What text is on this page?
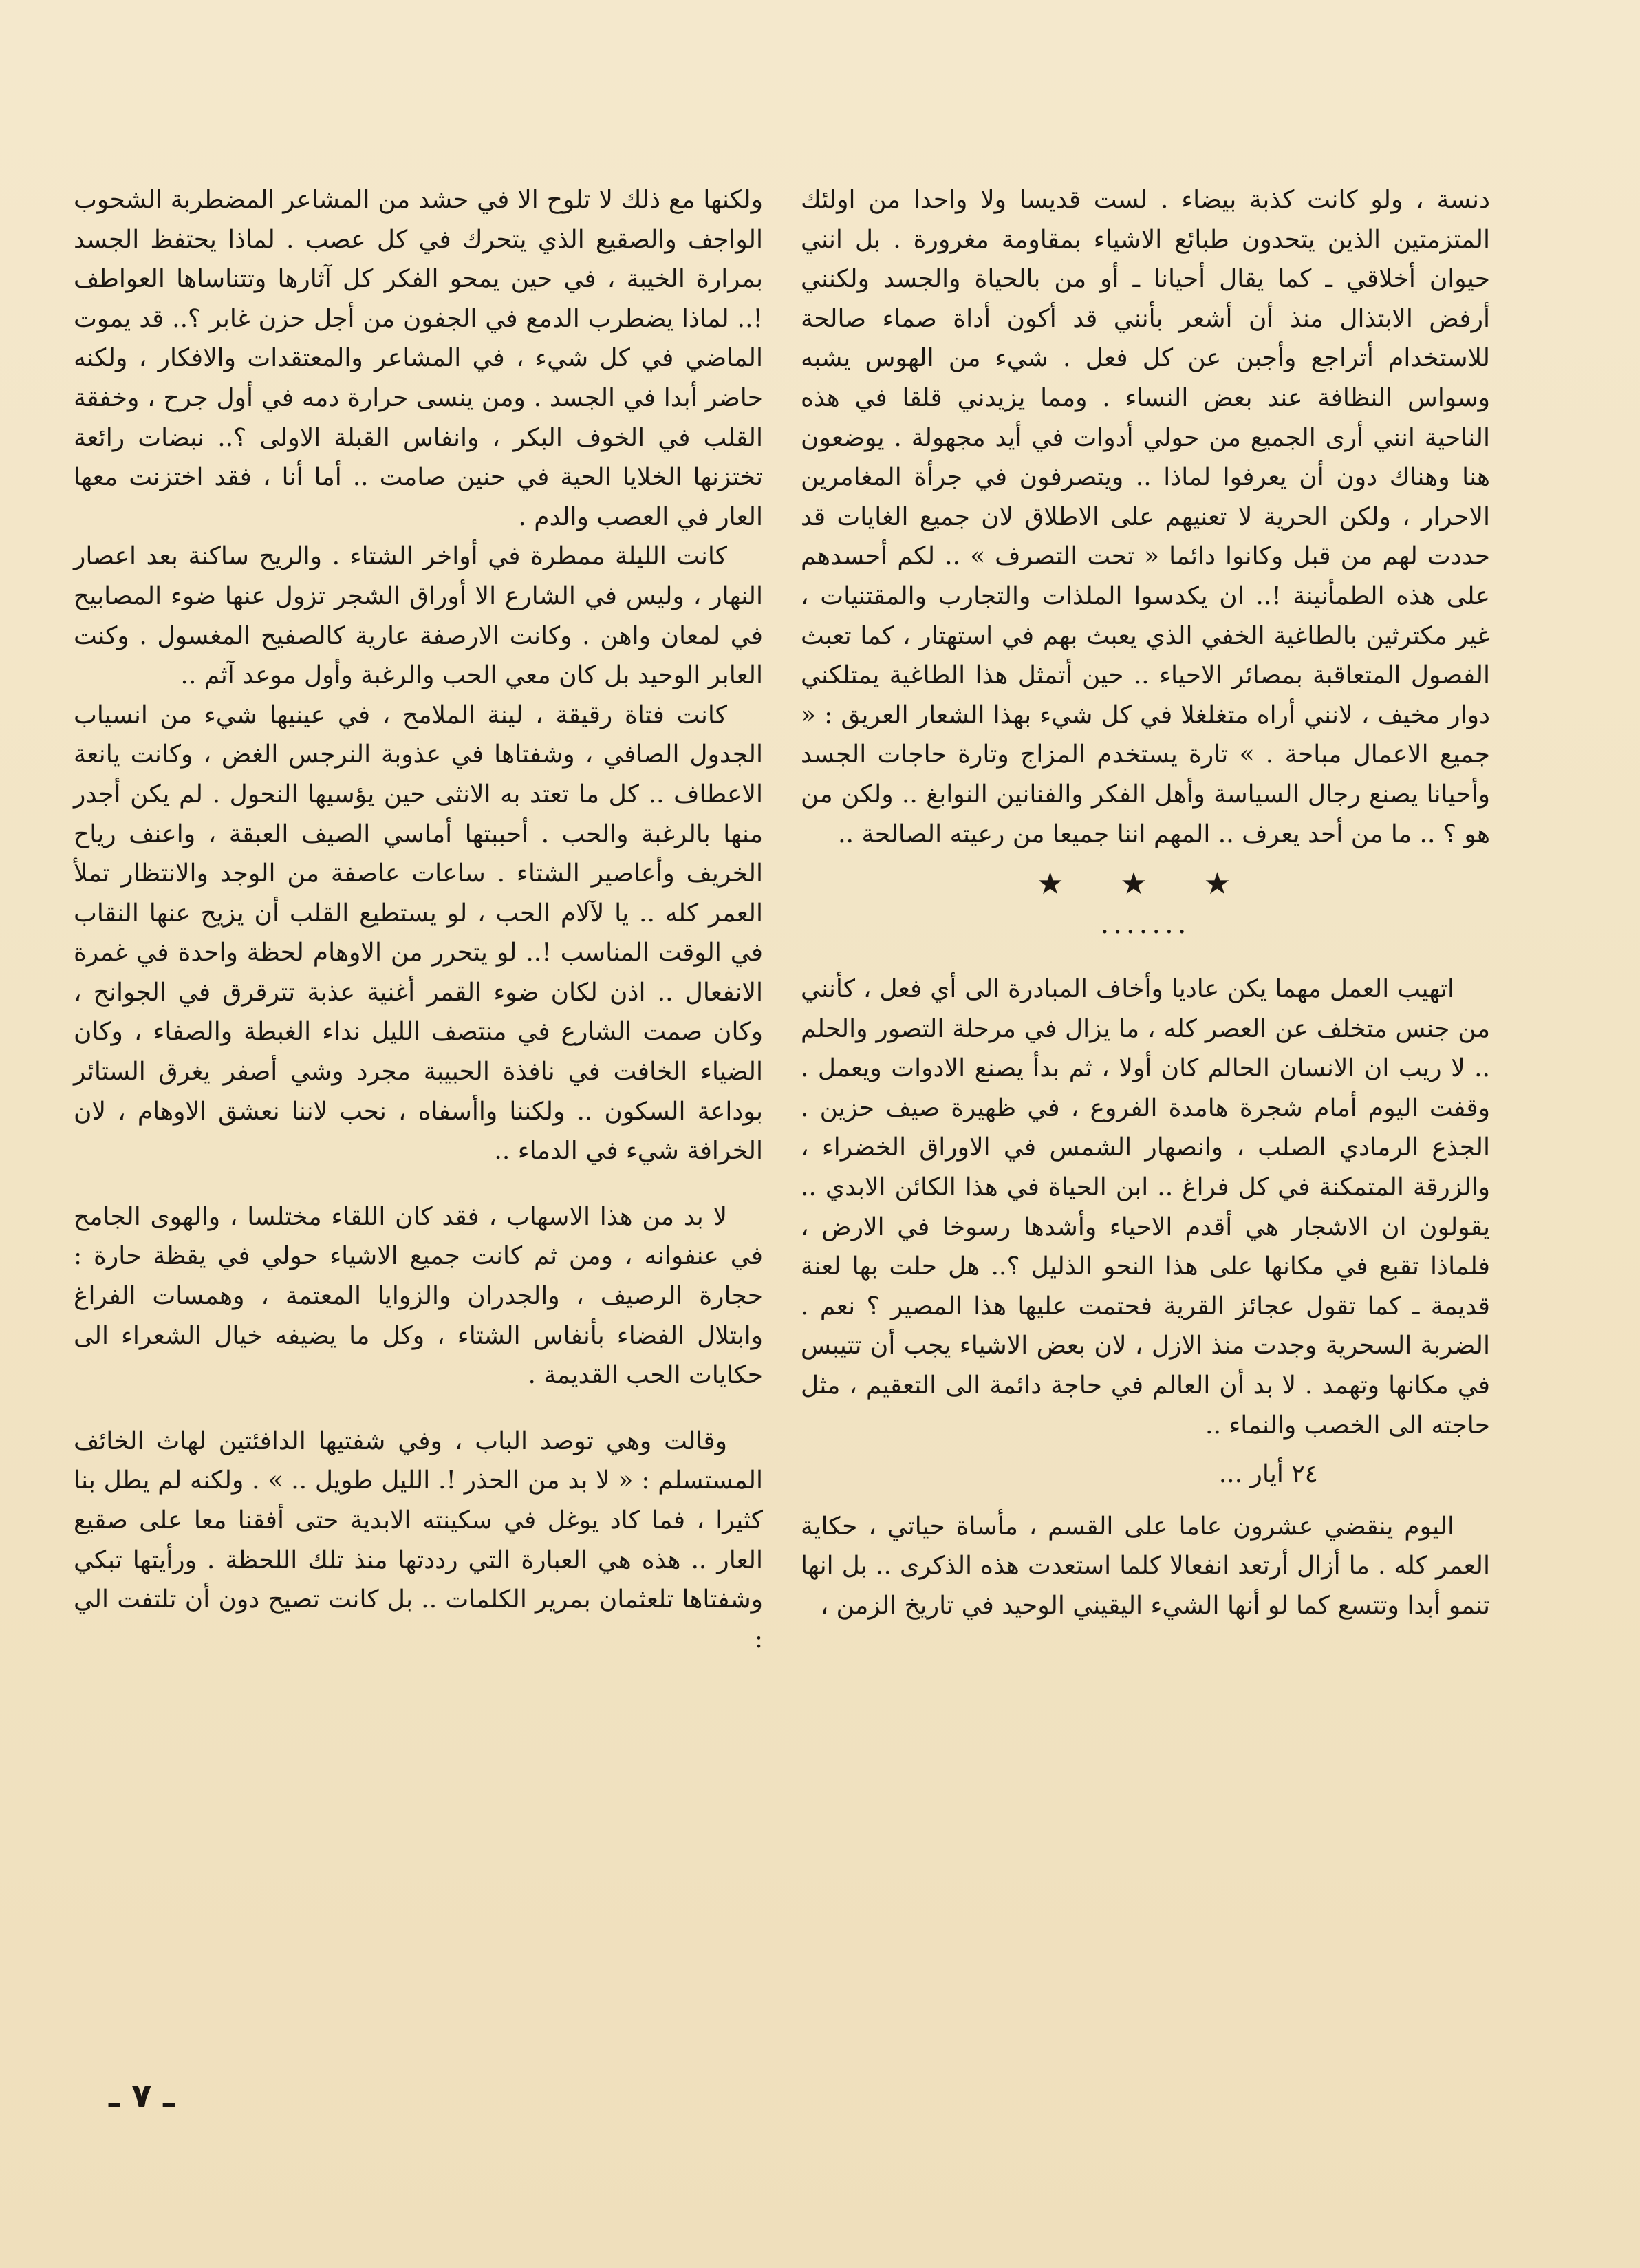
دنسة ، ولو كانت كذبة بيضاء . لست قديسا ولا واحدا من اولئك المتزمتين الذين يتحدون طبائع الاشياء بمقاومة مغرورة . بل انني حيوان أخلاقي ـ كما يقال أحيانا ـ أو من بالحياة والجسد ولكنني أرفض الابتذال منذ أن أشعر بأنني قد أكون أداة صماء صالحة للاستخدام أتراجع وأجبن عن كل فعل . شيء من الهوس يشبه وسواس النظافة عند بعض النساء . ومما يزيدني قلقا في هذه الناحية انني أرى الجميع من حولي أدوات في أيد مجهولة . يوضعون هنا وهناك دون أن يعرفوا لماذا .. ويتصرفون في جرأة المغامرين الاحرار ، ولكن الحرية لا تعنيهم على الاطلاق لان جميع الغايات قد حددت لهم من قبل وكانوا دائما « تحت التصرف » .. لكم أحسدهم على هذه الطمأنينة !.. ان يكدسوا الملذات والتجارب والمقتنيات ، غير مكترثين بالطاغية الخفي الذي يعبث بهم في استهتار ، كما تعبث الفصول المتعاقبة بمصائر الاحياء .. حين أتمثل هذا الطاغية يمتلكني دوار مخيف ، لانني أراه متغلغلا في كل شيء بهذا الشعار العريق : « جميع الاعمال مباحة . » تارة يستخدم المزاج وتارة حاجات الجسد وأحيانا يصنع رجال السياسة وأهل الفكر والفنانين النوابغ .. ولكن من هو ؟ .. ما من أحد يعرف .. المهم اننا جميعا من رعيته الصالحة ..

★ ★ ★
.......

اتهيب العمل مهما يكن عاديا وأخاف المبادرة الى أي فعل ، كأنني من جنس متخلف عن العصر كله ، ما يزال في مرحلة التصور والحلم .. لا ريب ان الانسان الحالم كان أولا ، ثم بدأ يصنع الادوات ويعمل . وقفت اليوم أمام شجرة هامدة الفروع ، في ظهيرة صيف حزين . الجذع الرمادي الصلب ، وانصهار الشمس في الاوراق الخضراء ، والزرقة المتمكنة في كل فراغ .. ابن الحياة في هذا الكائن الابدي .. يقولون ان الاشجار هي أقدم الاحياء وأشدها رسوخا في الارض ، فلماذا تقبع في مكانها على هذا النحو الذليل ؟.. هل حلت بها لعنة قديمة ـ كما تقول عجائز القرية فحتمت عليها هذا المصير ؟ نعم . الضربة السحرية وجدت منذ الازل ، لان بعض الاشياء يجب أن تتيبس في مكانها وتهمد . لا بد أن العالم في حاجة دائمة الى التعقيم ، مثل حاجته الى الخصب والنماء ..

٢٤ أيار ...

اليوم ينقضي عشرون عاما على القسم ، مأساة حياتي ، حكاية العمر كله . ما أزال أرتعد انفعالا كلما استعدت هذه الذكرى .. بل انها تنمو أبدا وتتسع كما لو أنها الشيء اليقيني الوحيد في تاريخ الزمن ،

ولكنها مع ذلك لا تلوح الا في حشد من المشاعر المضطربة الشحوب الواجف والصقيع الذي يتحرك في كل عصب . لماذا يحتفظ الجسد بمرارة الخيبة ، في حين يمحو الفكر كل آثارها وتتناساها العواطف !.. لماذا يضطرب الدمع في الجفون من أجل حزن غابر ؟.. قد يموت الماضي في كل شيء ، في المشاعر والمعتقدات والافكار ، ولكنه حاضر أبدا في الجسد . ومن ينسى حرارة دمه في أول جرح ، وخفقة القلب في الخوف البكر ، وانفاس القبلة الاولى ؟.. نبضات رائعة تختزنها الخلايا الحية في حنين صامت .. أما أنا ، فقد اختزنت معها العار في العصب والدم .

كانت الليلة ممطرة في أواخر الشتاء . والريح ساكنة بعد اعصار النهار ، وليس في الشارع الا أوراق الشجر تزول عنها ضوء المصابيح في لمعان واهن . وكانت الارصفة عارية كالصفيح المغسول . وكنت العابر الوحيد بل كان معي الحب والرغبة وأول موعد آثم ..

كانت فتاة رقيقة ، لينة الملامح ، في عينيها شيء من انسياب الجدول الصافي ، وشفتاها في عذوبة النرجس الغض ، وكانت يانعة الاعطاف .. كل ما تعتد به الانثى حين يؤسيها النحول . لم يكن أجدر منها بالرغبة والحب . أحببتها أماسي الصيف العبقة ، واعنف رياح الخريف وأعاصير الشتاء . ساعات عاصفة من الوجد والانتظار تملأ العمر كله .. يا لآلام الحب ، لو يستطيع القلب أن يزيح عنها النقاب في الوقت المناسب !.. لو يتحرر من الاوهام لحظة واحدة في غمرة الانفعال .. اذن لكان ضوء القمر أغنية عذبة تترقرق في الجوانح ، وكان صمت الشارع في منتصف الليل نداء الغبطة والصفاء ، وكان الضياء الخافت في نافذة الحبيبة مجرد وشي أصفر يغرق الستائر بوداعة السكون .. ولكننا واأسفاه ، نحب لاننا نعشق الاوهام ، لان الخرافة شيء في الدماء ..

لا بد من هذا الاسهاب ، فقد كان اللقاء مختلسا ، والهوى الجامح في عنفوانه ، ومن ثم كانت جميع الاشياء حولي في يقظة حارة : حجارة الرصيف ، والجدران والزوايا المعتمة ، وهمسات الفراغ وابتلال الفضاء بأنفاس الشتاء ، وكل ما يضيفه خيال الشعراء الى حكايات الحب القديمة .

وقالت وهي توصد الباب ، وفي شفتيها الدافئتين لهاث الخائف المستسلم : « لا بد من الحذر !. الليل طويل .. » . ولكنه لم يطل بنا كثيرا ، فما كاد يوغل في سكينته الابدية حتى أفقنا معا على صقيع العار .. هذه هي العبارة التي رددتها منذ تلك اللحظة . ورأيتها تبكي وشفتاها تلعثمان بمرير الكلمات .. بل كانت تصيح دون أن تلتفت الي :

ـ ٧ ـ
